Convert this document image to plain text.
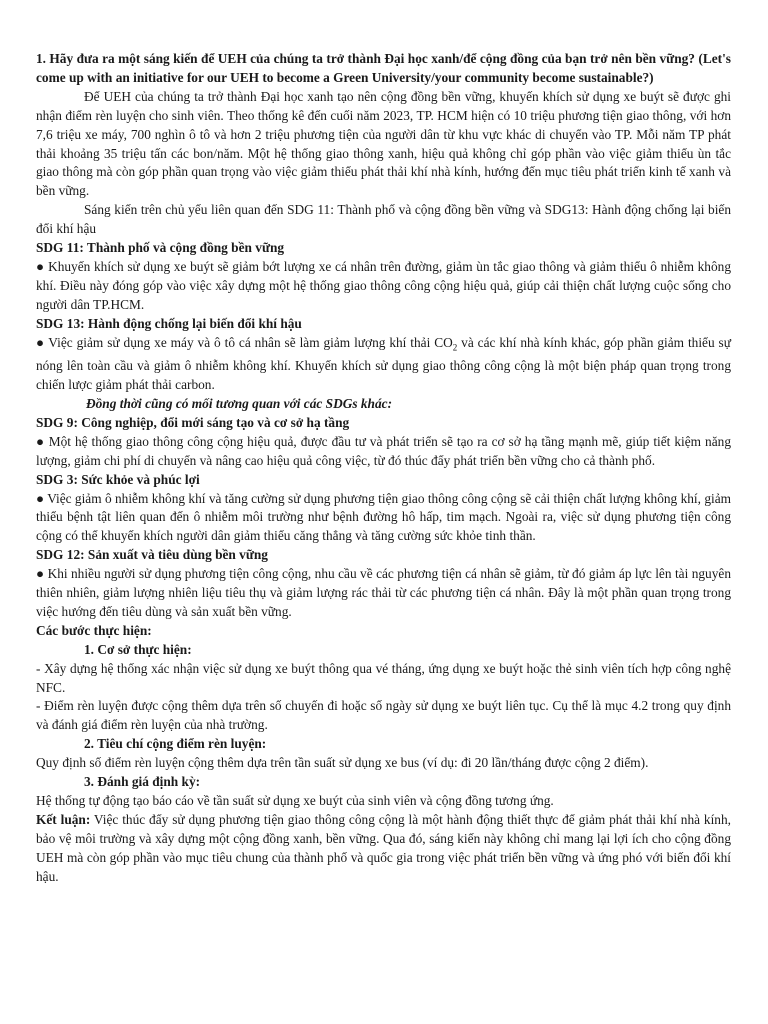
1. Hãy đưa ra một sáng kiến để UEH của chúng ta trở thành Đại học xanh/để cộng đồng của bạn trở nên bền vững? (Let's come up with an initiative for our UEH to become a Green University/your community become sustainable?)

Để UEH của chúng ta trở thành Đại học xanh tạo nên cộng đồng bền vững, khuyến khích sử dụng xe buýt sẽ được ghi nhận điểm rèn luyện cho sinh viên. Theo thống kê đến cuối năm 2023, TP. HCM hiện có 10 triệu phương tiện giao thông, với hơn 7,6 triệu xe máy, 700 nghìn ô tô và hơn 2 triệu phương tiện của người dân từ khu vực khác di chuyển vào TP. Mỗi năm TP phát thải khoảng 35 triệu tấn các bon/năm. Một hệ thống giao thông xanh, hiệu quả không chỉ góp phần vào việc giảm thiểu ùn tắc giao thông mà còn góp phần quan trọng vào việc giảm thiểu phát thải khí nhà kính, hướng đến mục tiêu phát triển kinh tế xanh và bền vững.

Sáng kiến trên chủ yếu liên quan đến SDG 11: Thành phố và cộng đồng bền vững và SDG13: Hành động chống lại biến đổi khí hậu

SDG 11: Thành phố và cộng đồng bền vững

● Khuyến khích sử dụng xe buýt sẽ giảm bớt lượng xe cá nhân trên đường, giảm ùn tắc giao thông và giảm thiểu ô nhiễm không khí. Điều này đóng góp vào việc xây dựng một hệ thống giao thông công cộng hiệu quả, giúp cải thiện chất lượng cuộc sống cho người dân TP.HCM.

SDG 13: Hành động chống lại biến đổi khí hậu

● Việc giảm sử dụng xe máy và ô tô cá nhân sẽ làm giảm lượng khí thải $CO_2$ và các khí nhà kính khác, góp phần giảm thiểu sự nóng lên toàn cầu và giảm ô nhiễm không khí. Khuyến khích sử dụng giao thông công cộng là một biện pháp quan trọng trong chiến lược giảm phát thải carbon.

Đồng thời cũng có mối tương quan với các SDGs khác:

SDG 9: Công nghiệp, đổi mới sáng tạo và cơ sở hạ tầng

● Một hệ thống giao thông công cộng hiệu quả, được đầu tư và phát triển sẽ tạo ra cơ sở hạ tầng mạnh mẽ, giúp tiết kiệm năng lượng, giảm chi phí di chuyển và nâng cao hiệu quả công việc, từ đó thúc đẩy phát triển bền vững cho cả thành phố.

SDG 3: Sức khỏe và phúc lợi

● Việc giảm ô nhiễm không khí và tăng cường sử dụng phương tiện giao thông công cộng sẽ cải thiện chất lượng không khí, giảm thiểu bệnh tật liên quan đến ô nhiễm môi trường như bệnh đường hô hấp, tim mạch. Ngoài ra, việc sử dụng phương tiện công cộng có thể khuyến khích người dân giảm thiểu căng thẳng và tăng cường sức khỏe tinh thần.

SDG 12: Sản xuất và tiêu dùng bền vững

● Khi nhiều người sử dụng phương tiện công cộng, nhu cầu về các phương tiện cá nhân sẽ giảm, từ đó giảm áp lực lên tài nguyên thiên nhiên, giảm lượng nhiên liệu tiêu thụ và giảm lượng rác thải từ các phương tiện cá nhân. Đây là một phần quan trọng trong việc hướng đến tiêu dùng và sản xuất bền vững.

Các bước thực hiện:

1. Cơ sở thực hiện:

- Xây dựng hệ thống xác nhận việc sử dụng xe buýt thông qua vé tháng, ứng dụng xe buýt hoặc thẻ sinh viên tích hợp công nghệ NFC.

- Điểm rèn luyện được cộng thêm dựa trên số chuyến đi hoặc số ngày sử dụng xe buýt liên tục. Cụ thể là mục 4.2 trong quy định và đánh giá điểm rèn luyện của nhà trường.

2. Tiêu chí cộng điểm rèn luyện:

Quy định số điểm rèn luyện cộng thêm dựa trên tần suất sử dụng xe bus (ví dụ: đi 20 lần/tháng được cộng 2 điểm).

3. Đánh giá định kỳ:

Hệ thống tự động tạo báo cáo về tần suất sử dụng xe buýt của sinh viên và cộng đồng tương ứng.

Kết luận: Việc thúc đẩy sử dụng phương tiện giao thông công cộng là một hành động thiết thực để giảm phát thải khí nhà kính, bảo vệ môi trường và xây dựng một cộng đồng xanh, bền vững. Qua đó, sáng kiến này không chỉ mang lại lợi ích cho cộng đồng UEH mà còn góp phần vào mục tiêu chung của thành phố và quốc gia trong việc phát triển bền vững và ứng phó với biến đổi khí hậu.
